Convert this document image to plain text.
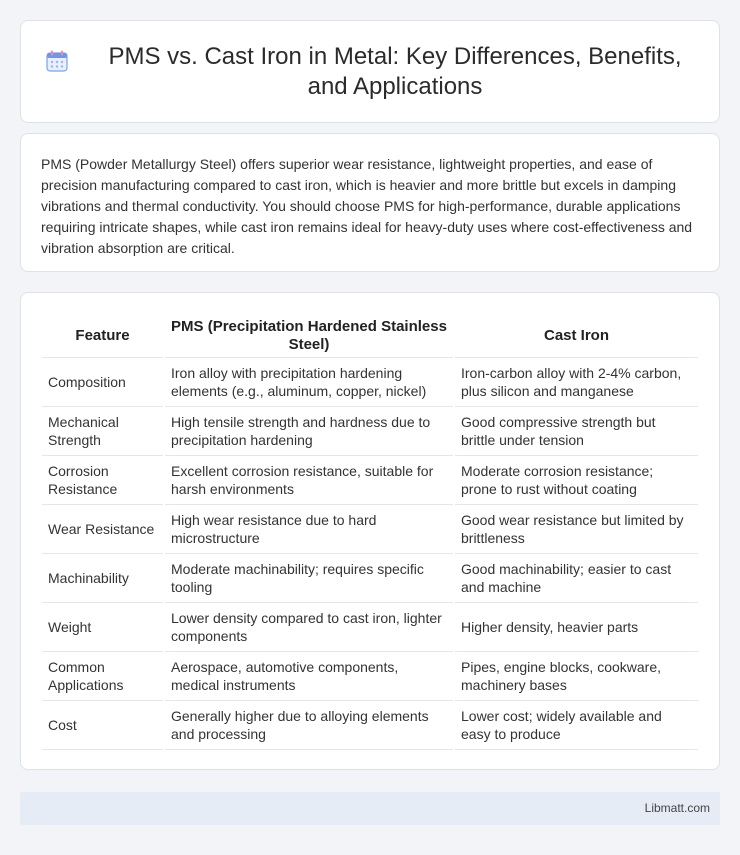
PMS vs. Cast Iron in Metal: Key Differences, Benefits, and Applications

PMS (Powder Metallurgy Steel) offers superior wear resistance, lightweight properties, and ease of precision manufacturing compared to cast iron, which is heavier and more brittle but excels in damping vibrations and thermal conductivity. You should choose PMS for high-performance, durable applications requiring intricate shapes, while cast iron remains ideal for heavy-duty uses where cost-effectiveness and vibration absorption are critical.

Feature	PMS (Precipitation Hardened Stainless Steel)	Cast Iron
Composition	Iron alloy with precipitation hardening elements (e.g., aluminum, copper, nickel)	Iron-carbon alloy with 2-4% carbon, plus silicon and manganese
Mechanical Strength	High tensile strength and hardness due to precipitation hardening	Good compressive strength but brittle under tension
Corrosion Resistance	Excellent corrosion resistance, suitable for harsh environments	Moderate corrosion resistance; prone to rust without coating
Wear Resistance	High wear resistance due to hard microstructure	Good wear resistance but limited by brittleness
Machinability	Moderate machinability; requires specific tooling	Good machinability; easier to cast and machine
Weight	Lower density compared to cast iron, lighter components	Higher density, heavier parts
Common Applications	Aerospace, automotive components, medical instruments	Pipes, engine blocks, cookware, machinery bases
Cost	Generally higher due to alloying elements and processing	Lower cost; widely available and easy to produce
Libmatt.com
